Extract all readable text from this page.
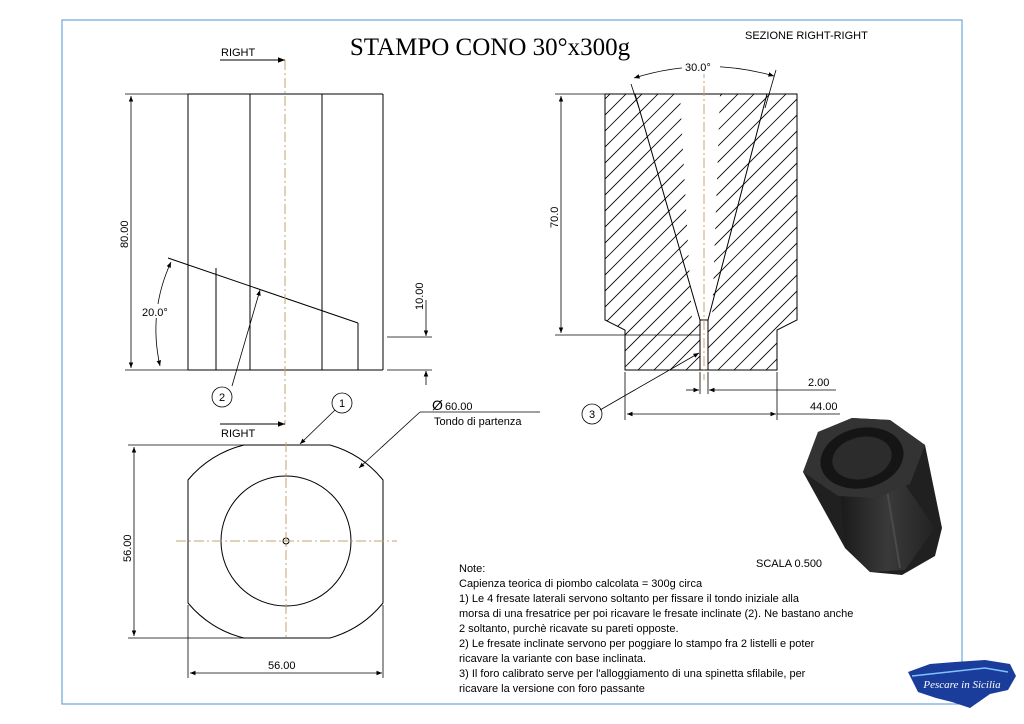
STAMPO CONO 30°x300g	SEZIONE RIGHT-RIGHT
RIGHT
RIGHT
80.00
20.0°
10.00
2
30.0°
70.0
2.00
44.00
3
1	Ø 60.00
Tondo di partenza
56.00
56.00
SCALA 0.500
Note:
Capienza teorica di piombo calcolata = 300g circa
1) Le 4 fresate laterali servono soltanto per fissare il tondo iniziale alla
morsa di una fresatrice per poi ricavare le fresate inclinate (2). Ne bastano anche
2 soltanto, purchè ricavate su pareti opposte.
2) Le fresate inclinate servono per poggiare lo stampo fra 2 listelli e poter
ricavare la variante con base inclinata.
3) Il foro calibrato serve per l'alloggiamento di una spinetta sfilabile, per
ricavare la versione con foro passante	Pescare in Sicilia
